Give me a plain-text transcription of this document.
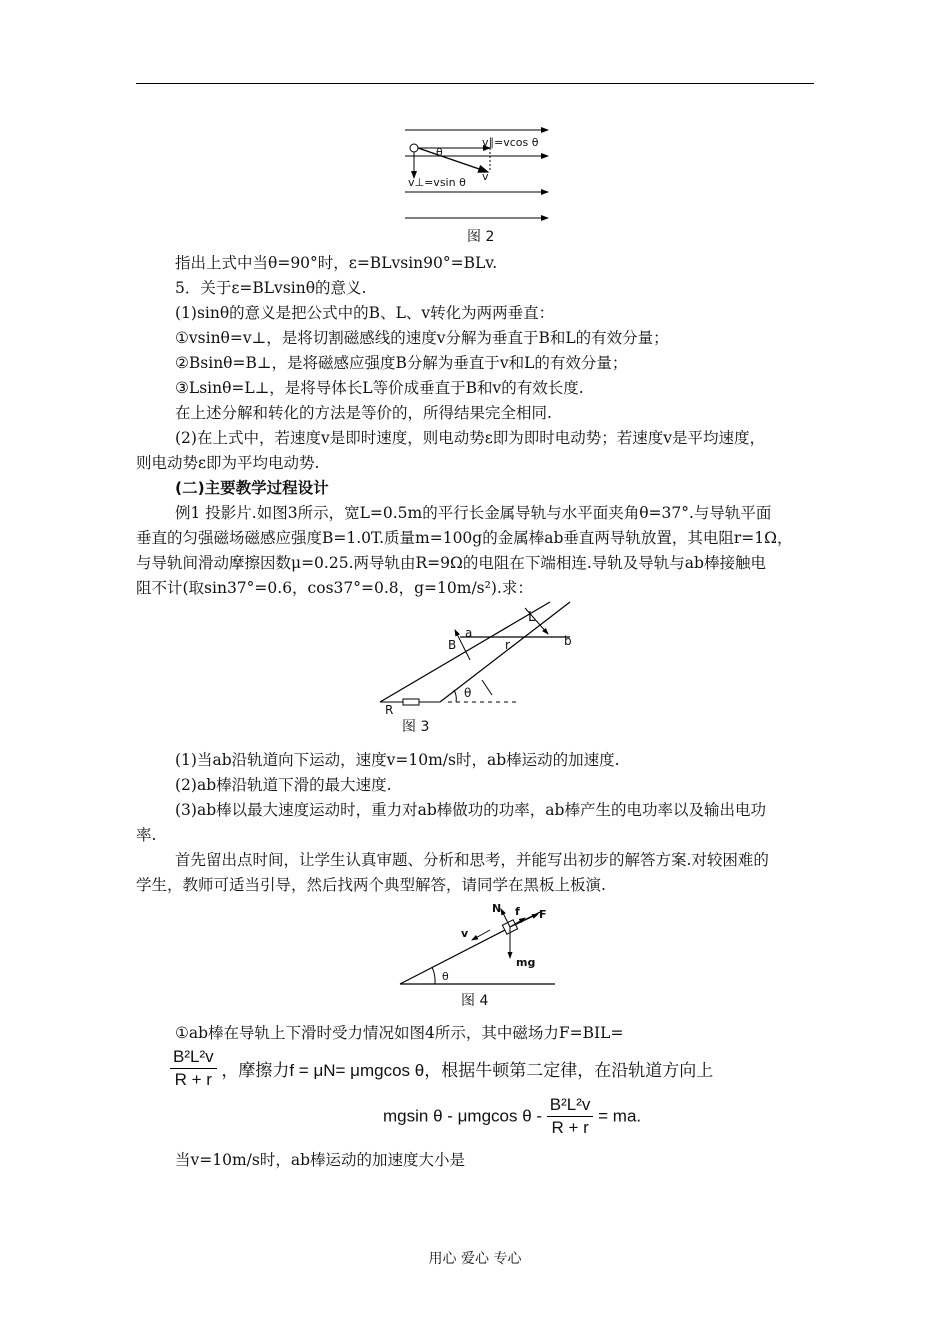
v∥=vcos θ
θ
v
v⊥=vsin θ
图 2
指出上式中当θ=90°时，ε=BLvsin90°=BLv.
5．关于ε=BLvsinθ的意义.
(1)sinθ的意义是把公式中的B、L、v转化为两两垂直：
①vsinθ=v⊥，是将切割磁感线的速度v分解为垂直于B和L的有效分量；
②Bsinθ=B⊥，是将磁感应强度B分解为垂直于v和L的有效分量；
③Lsinθ=L⊥，是将导体长L等价成垂直于B和v的有效长度.
在上述分解和转化的方法是等价的，所得结果完全相同.
(2)在上式中，若速度v是即时速度，则电动势ε即为即时电动势；若速度v是平均速度，
则电动势ε即为平均电动势.
(二)主要教学过程设计
例1 投影片.如图3所示，宽L=0.5m的平行长金属导轨与水平面夹角θ=37°.与导轨平面
垂直的匀强磁场磁感应强度B=1.0T.质量m=100g的金属棒ab垂直两导轨放置，其电阻r=1Ω，
与导轨间滑动摩擦因数μ=0.25.两导轨由R=9Ω的电阻在下端相连.导轨及导轨与ab棒接触电
阻不计(取sin37°=0.6，cos37°=0.8，g=10m/s²).求：
L
a
b
B	r
R
θ
图 3
(1)当ab沿轨道向下运动，速度v=10m/s时，ab棒运动的加速度.
(2)ab棒沿轨道下滑的最大速度.
(3)ab棒以最大速度运动时，重力对ab棒做功的功率，ab棒产生的电功率以及输出电功
率.
首先留出点时间，让学生认真审题、分析和思考，并能写出初步的解答方案.对较困难的
学生，教师可适当引导，然后找两个典型解答，请同学在黑板上板演.
N f F
v
mg
θ
图 4
①ab棒在导轨上下滑时受力情况如图4所示，其中磁场力F=BIL=
$\frac{\text{B²L²v}}{R + r}$ ，摩擦力f = μN= μmgcos θ，根据牛顿第二定律，在沿轨道方向上
mgsin θ - μmgcos θ - $\frac{\text{B²L²v}}{R + r}$ = ma.
当v=10m/s时，ab棒运动的加速度大小是
用心 爱心 专心
